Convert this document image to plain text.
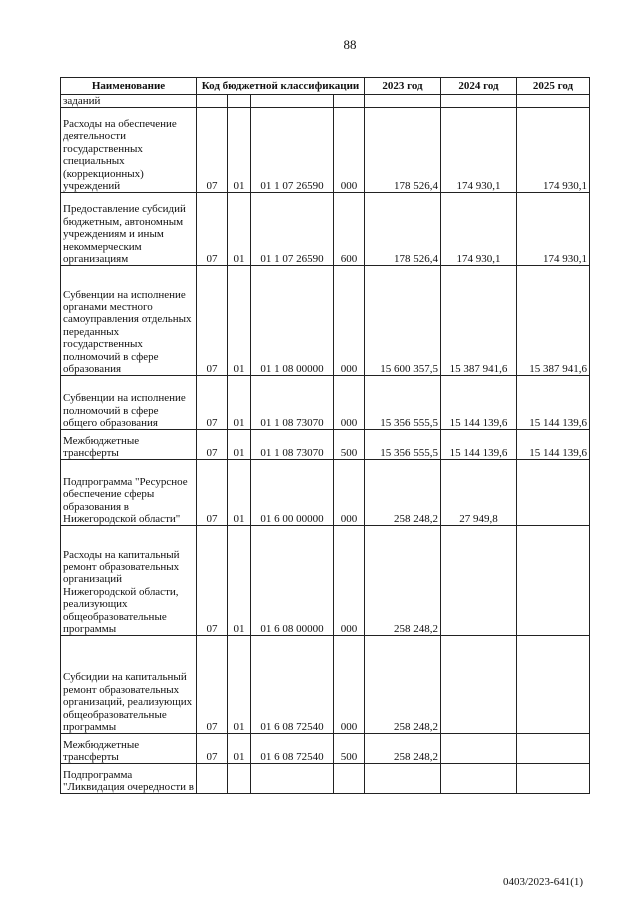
88
Наименование	Код бюджетной классификации				2023 год	2024 год	2025 год
заданий							
Расходы на обеспечение деятельности государственных специальных (коррекционных) учреждений	07	01	01 1 07 26590	000	178 526,4	174 930,1	174 930,1
Предоставление субсидий бюджетным, автономным учреждениям и иным некоммерческим организациям	07	01	01 1 07 26590	600	178 526,4	174 930,1	174 930,1
Субвенции на исполнение органами местного самоуправления отдельных переданных государственных полномочий в сфере образования	07	01	01 1 08 00000	000	15 600 357,5	15 387 941,6	15 387 941,6
Субвенции на исполнение полномочий в сфере общего образования	07	01	01 1 08 73070	000	15 356 555,5	15 144 139,6	15 144 139,6
Межбюджетные трансферты	07	01	01 1 08 73070	500	15 356 555,5	15 144 139,6	15 144 139,6
Подпрограмма "Ресурсное обеспечение сферы образования в Нижегородской области"	07	01	01 6 00 00000	000	258 248,2	27 949,8	
Расходы на капитальный ремонт образовательных организаций Нижегородской области, реализующих общеобразовательные программы	07	01	01 6 08 00000	000	258 248,2		
Субсидии на капитальный ремонт образовательных организаций, реализующих общеобразовательные программы	07	01	01 6 08 72540	000	258 248,2		
Межбюджетные трансферты	07	01	01 6 08 72540	500	258 248,2		
Подпрограмма "Ликвидация очередности в							
0403/2023-641(1)
